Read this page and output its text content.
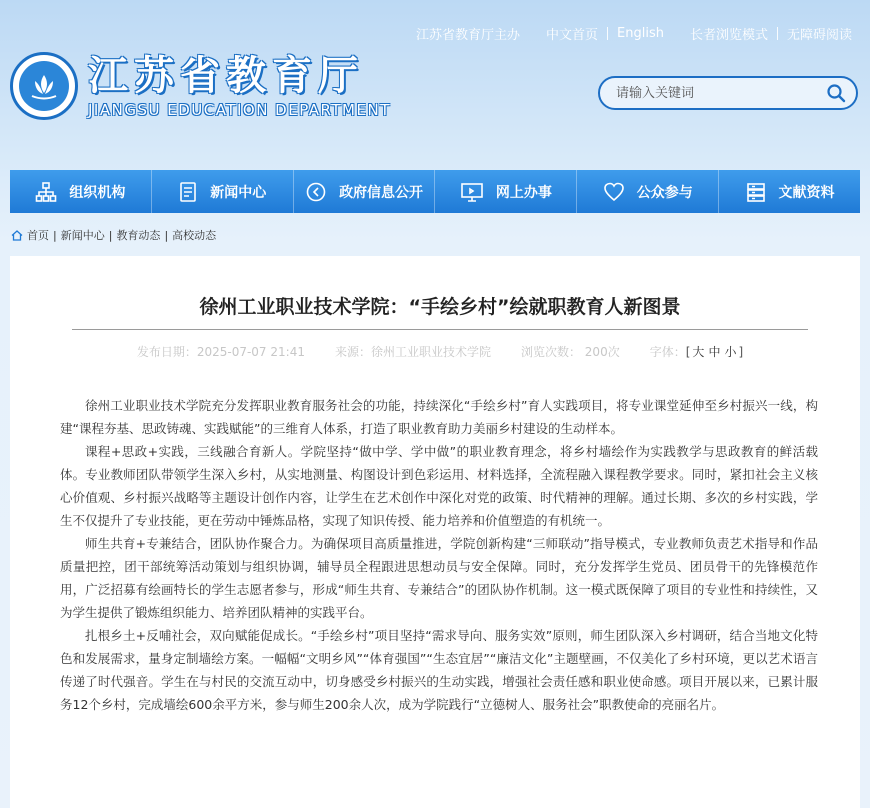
江苏省教育厅主办 中文首页 English 长者浏览模式 无障碍阅读
江苏省教育厅
JIANGSU EDUCATION DEPARTMENT
请输入关键词
组织机构	新闻中心	政府信息公开	网上办事	公众参与	文献资料
首页 | 新闻中心 | 教育动态 | 高校动态
徐州工业职业技术学院：“手绘乡村”绘就职教育人新图景
发布日期：2025-07-07 21:41	来源：徐州工业职业技术学院	浏览次数： 200次	字体：[ 大 中 小 ]

徐州工业职业技术学院充分发挥职业教育服务社会的功能，持续深化“手绘乡村”育人实践项目，将专业课堂延伸至乡村振兴一线，构建“课程夯基、思政铸魂、实践赋能”的三维育人体系，打造了职业教育助力美丽乡村建设的生动样本。

课程+思政+实践，三线融合育新人。学院坚持“做中学、学中做”的职业教育理念，将乡村墙绘作为实践教学与思政教育的鲜活载体。专业教师团队带领学生深入乡村，从实地测量、构图设计到色彩运用、材料选择，全流程融入课程教学要求。同时，紧扣社会主义核心价值观、乡村振兴战略等主题设计创作内容，让学生在艺术创作中深化对党的政策、时代精神的理解。通过长期、多次的乡村实践，学生不仅提升了专业技能，更在劳动中锤炼品格，实现了知识传授、能力培养和价值塑造的有机统一。

师生共育+专兼结合，团队协作聚合力。为确保项目高质量推进，学院创新构建“三师联动”指导模式，专业教师负责艺术指导和作品质量把控，团干部统筹活动策划与组织协调，辅导员全程跟进思想动员与安全保障。同时，充分发挥学生党员、团员骨干的先锋模范作用，广泛招募有绘画特长的学生志愿者参与，形成“师生共育、专兼结合”的团队协作机制。这一模式既保障了项目的专业性和持续性，又为学生提供了锻炼组织能力、培养团队精神的实践平台。

扎根乡土+反哺社会，双向赋能促成长。“手绘乡村”项目坚持“需求导向、服务实效”原则，师生团队深入乡村调研，结合当地文化特色和发展需求，量身定制墙绘方案。一幅幅“文明乡风”“体育强国”“生态宜居”“廉洁文化”主题壁画，不仅美化了乡村环境，更以艺术语言传递了时代强音。学生在与村民的交流互动中，切身感受乡村振兴的生动实践，增强社会责任感和职业使命感。项目开展以来，已累计服务12个乡村，完成墙绘600余平方米，参与师生200余人次，成为学院践行“立德树人、服务社会”职教使命的亮丽名片。
